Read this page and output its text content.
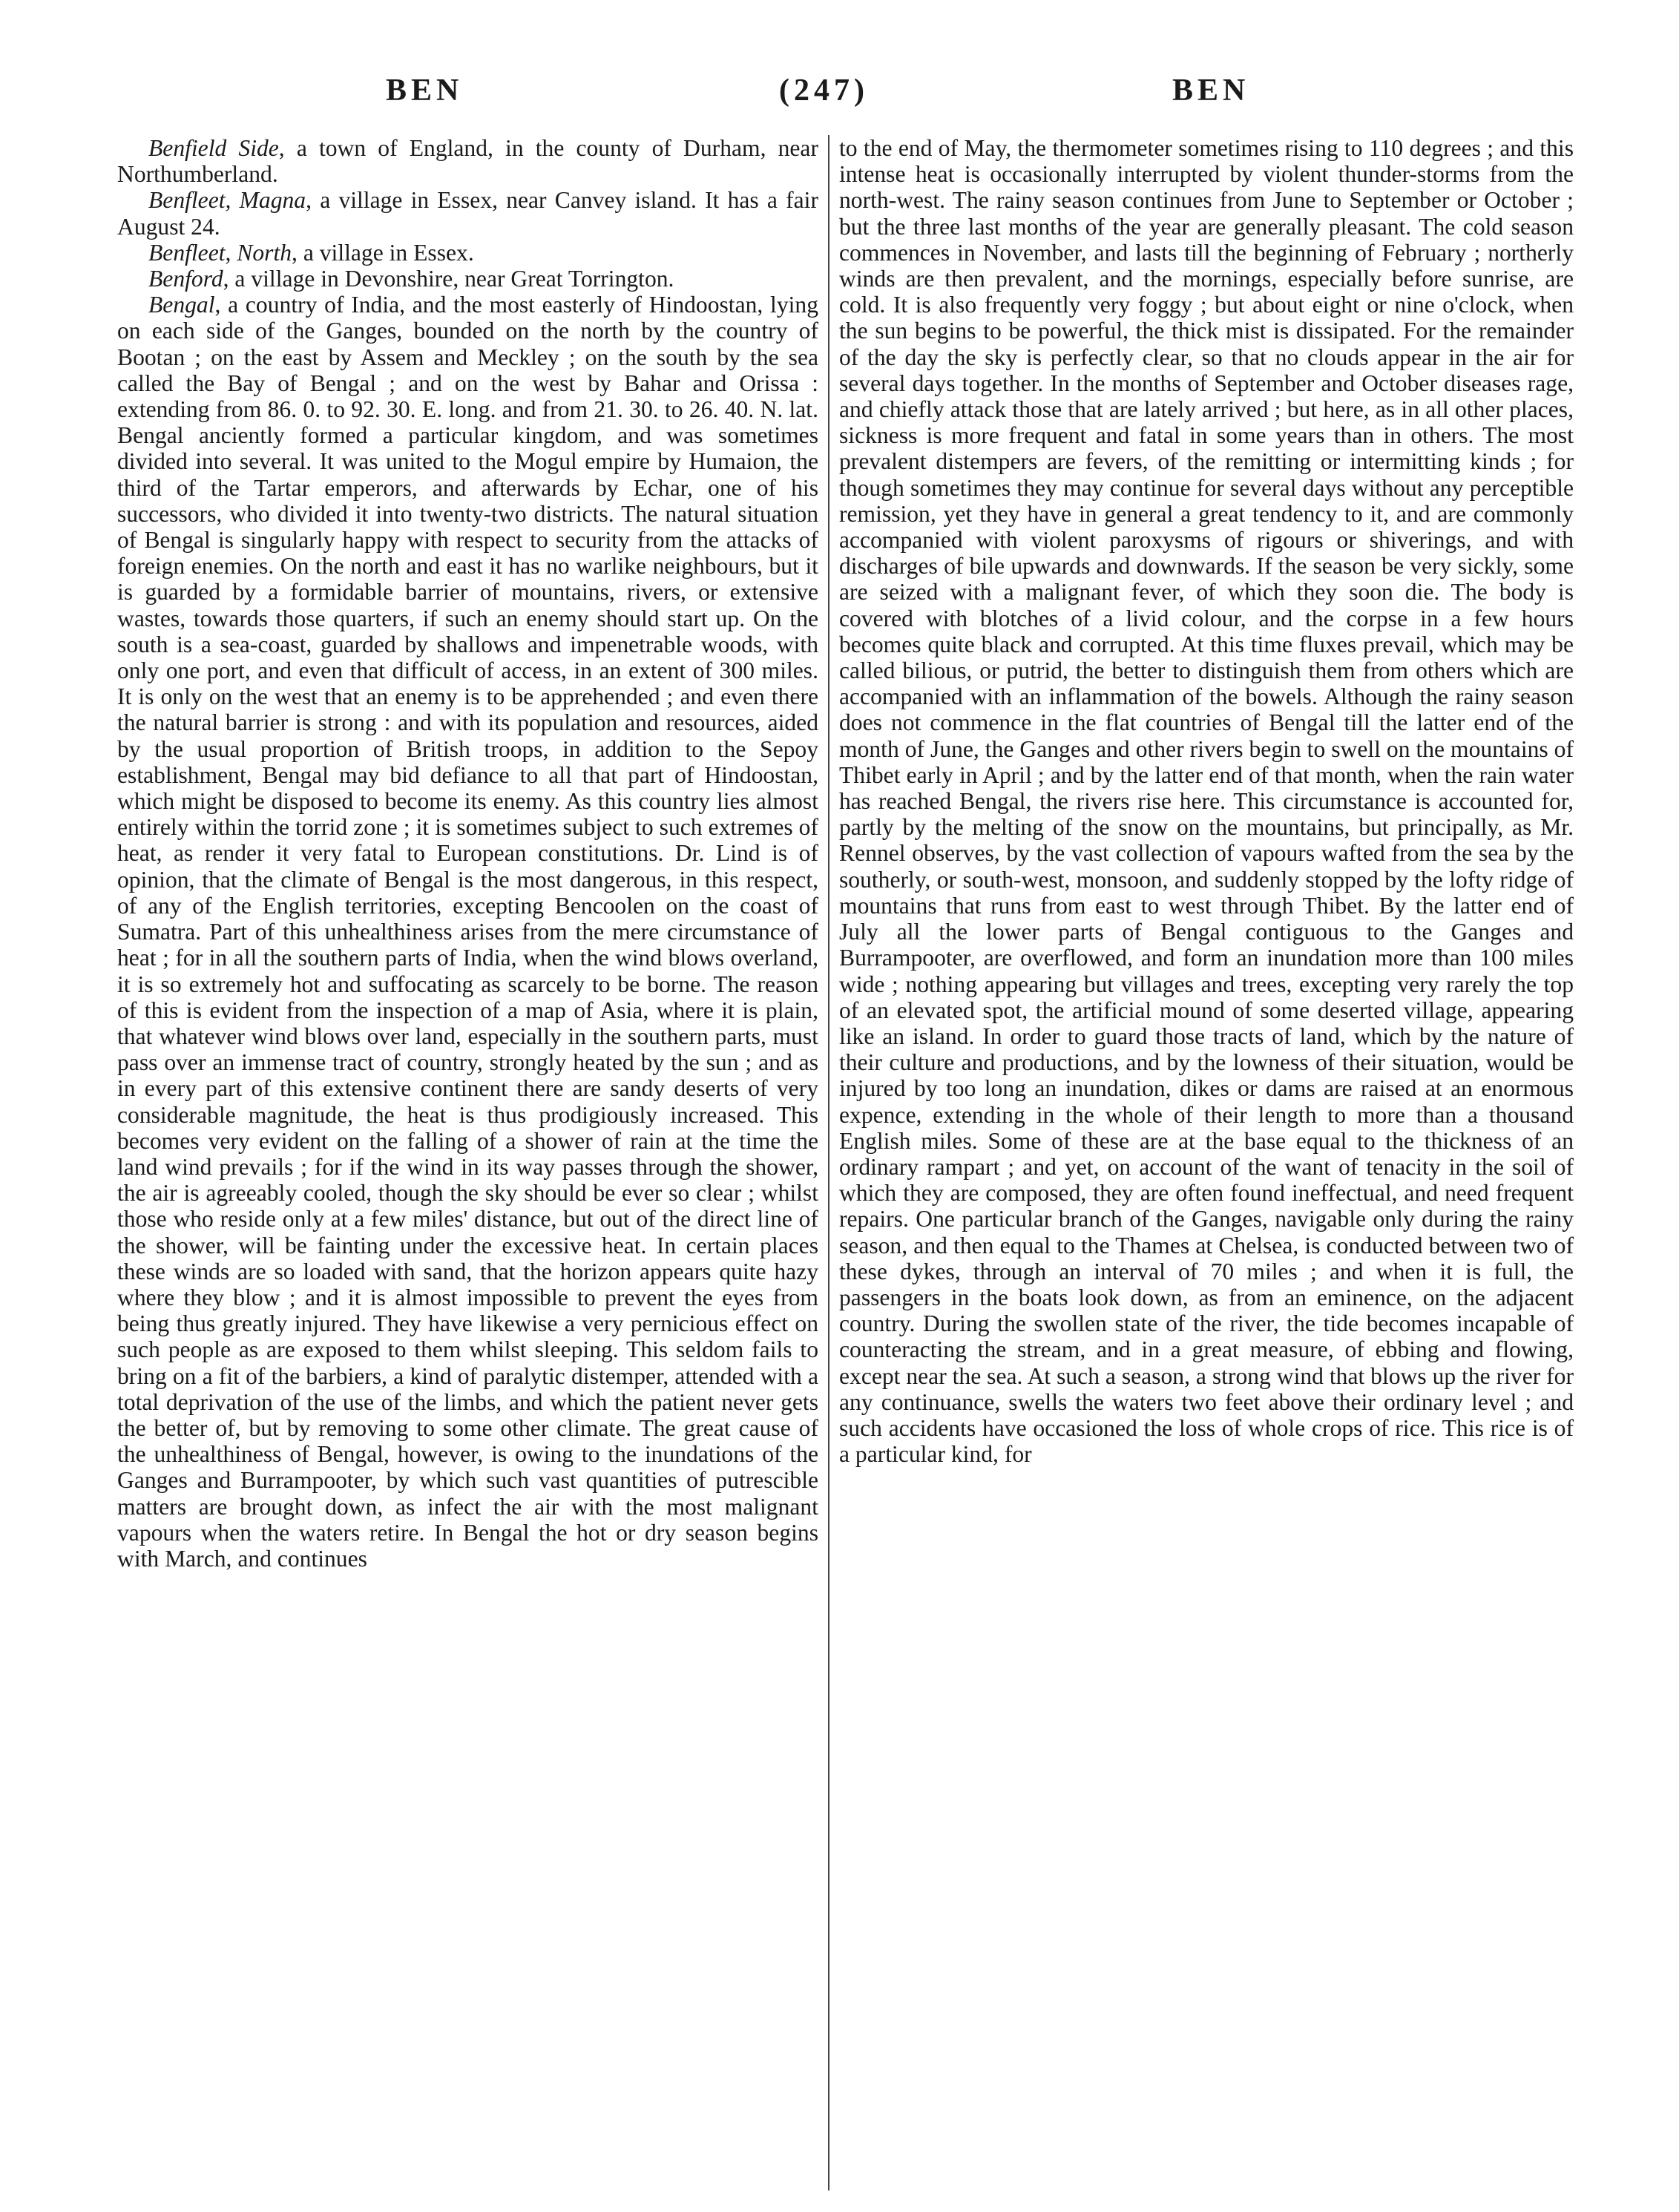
BEN	(247)	BEN

Benfield Side, a town of England, in the county of Durham, near Northumberland.

Benfleet, Magna, a village in Essex, near Canvey island. It has a fair August 24.

Benfleet, North, a village in Essex.

Benford, a village in Devonshire, near Great Torrington.

Bengal, a country of India, and the most easterly of Hindoostan, lying on each side of the Ganges, bounded on the north by the country of Bootan ; on the east by Assem and Meckley ; on the south by the sea called the Bay of Bengal ; and on the west by Bahar and Orissa : extending from 86. 0. to 92. 30. E. long. and from 21. 30. to 26. 40. N. lat. Bengal anciently formed a particular kingdom, and was sometimes divided into several. It was united to the Mogul empire by Humaion, the third of the Tartar emperors, and afterwards by Echar, one of his successors, who divided it into twenty-two districts. The natural situation of Bengal is singularly happy with respect to security from the attacks of foreign enemies. On the north and east it has no warlike neighbours, but it is guarded by a formidable barrier of mountains, rivers, or extensive wastes, towards those quarters, if such an enemy should start up. On the south is a sea-coast, guarded by shallows and impenetrable woods, with only one port, and even that difficult of access, in an extent of 300 miles. It is only on the west that an enemy is to be apprehended ; and even there the natural barrier is strong : and with its population and resources, aided by the usual proportion of British troops, in addition to the Sepoy establishment, Bengal may bid defiance to all that part of Hindoostan, which might be disposed to become its enemy. As this country lies almost entirely within the torrid zone ; it is sometimes subject to such extremes of heat, as render it very fatal to European constitutions. Dr. Lind is of opinion, that the climate of Bengal is the most dangerous, in this respect, of any of the English territories, excepting Bencoolen on the coast of Sumatra. Part of this unhealthiness arises from the mere circumstance of heat ; for in all the southern parts of India, when the wind blows overland, it is so extremely hot and suffocating as scarcely to be borne. The reason of this is evident from the inspection of a map of Asia, where it is plain, that whatever wind blows over land, especially in the southern parts, must pass over an immense tract of country, strongly heated by the sun ; and as in every part of this extensive continent there are sandy deserts of very considerable magnitude, the heat is thus prodigiously increased. This becomes very evident on the falling of a shower of rain at the time the land wind prevails ; for if the wind in its way passes through the shower, the air is agreeably cooled, though the sky should be ever so clear ; whilst those who reside only at a few miles' distance, but out of the direct line of the shower, will be fainting under the excessive heat. In certain places these winds are so loaded with sand, that the horizon appears quite hazy where they blow ; and it is almost impossible to prevent the eyes from being thus greatly injured. They have likewise a very pernicious effect on such people as are exposed to them whilst sleeping. This seldom fails to bring on a fit of the barbiers, a kind of paralytic distemper, attended with a total deprivation of the use of the limbs, and which the patient never gets the better of, but by removing to some other climate. The great cause of the unhealthiness of Bengal, however, is owing to the inundations of the Ganges and Burrampooter, by which such vast quantities of putrescible matters are brought down, as infect the air with the most malignant vapours when the waters retire. In Bengal the hot or dry season begins with March, and continues

to the end of May, the thermometer sometimes rising to 110 degrees ; and this intense heat is occasionally interrupted by violent thunder-storms from the north-west. The rainy season continues from June to September or October ; but the three last months of the year are generally pleasant. The cold season commences in November, and lasts till the beginning of February ; northerly winds are then prevalent, and the mornings, especially before sunrise, are cold. It is also frequently very foggy ; but about eight or nine o'clock, when the sun begins to be powerful, the thick mist is dissipated. For the remainder of the day the sky is perfectly clear, so that no clouds appear in the air for several days together. In the months of September and October diseases rage, and chiefly attack those that are lately arrived ; but here, as in all other places, sickness is more frequent and fatal in some years than in others. The most prevalent distempers are fevers, of the remitting or intermitting kinds ; for though sometimes they may continue for several days without any perceptible remission, yet they have in general a great tendency to it, and are commonly accompanied with violent paroxysms of rigours or shiverings, and with discharges of bile upwards and downwards. If the season be very sickly, some are seized with a malignant fever, of which they soon die. The body is covered with blotches of a livid colour, and the corpse in a few hours becomes quite black and corrupted. At this time fluxes prevail, which may be called bilious, or putrid, the better to distinguish them from others which are accompanied with an inflammation of the bowels. Although the rainy season does not commence in the flat countries of Bengal till the latter end of the month of June, the Ganges and other rivers begin to swell on the mountains of Thibet early in April ; and by the latter end of that month, when the rain water has reached Bengal, the rivers rise here. This circumstance is accounted for, partly by the melting of the snow on the mountains, but principally, as Mr. Rennel observes, by the vast collection of vapours wafted from the sea by the southerly, or south-west, monsoon, and suddenly stopped by the lofty ridge of mountains that runs from east to west through Thibet. By the latter end of July all the lower parts of Bengal contiguous to the Ganges and Burrampooter, are overflowed, and form an inundation more than 100 miles wide ; nothing appearing but villages and trees, excepting very rarely the top of an elevated spot, the artificial mound of some deserted village, appearing like an island. In order to guard those tracts of land, which by the nature of their culture and productions, and by the lowness of their situation, would be injured by too long an inundation, dikes or dams are raised at an enormous expence, extending in the whole of their length to more than a thousand English miles. Some of these are at the base equal to the thickness of an ordinary rampart ; and yet, on account of the want of tenacity in the soil of which they are composed, they are often found ineffectual, and need frequent repairs. One particular branch of the Ganges, navigable only during the rainy season, and then equal to the Thames at Chelsea, is conducted between two of these dykes, through an interval of 70 miles ; and when it is full, the passengers in the boats look down, as from an eminence, on the adjacent country. During the swollen state of the river, the tide becomes incapable of counteracting the stream, and in a great measure, of ebbing and flowing, except near the sea. At such a season, a strong wind that blows up the river for any continuance, swells the waters two feet above their ordinary level ; and such accidents have occasioned the loss of whole crops of rice. This rice is of a particular kind, for
